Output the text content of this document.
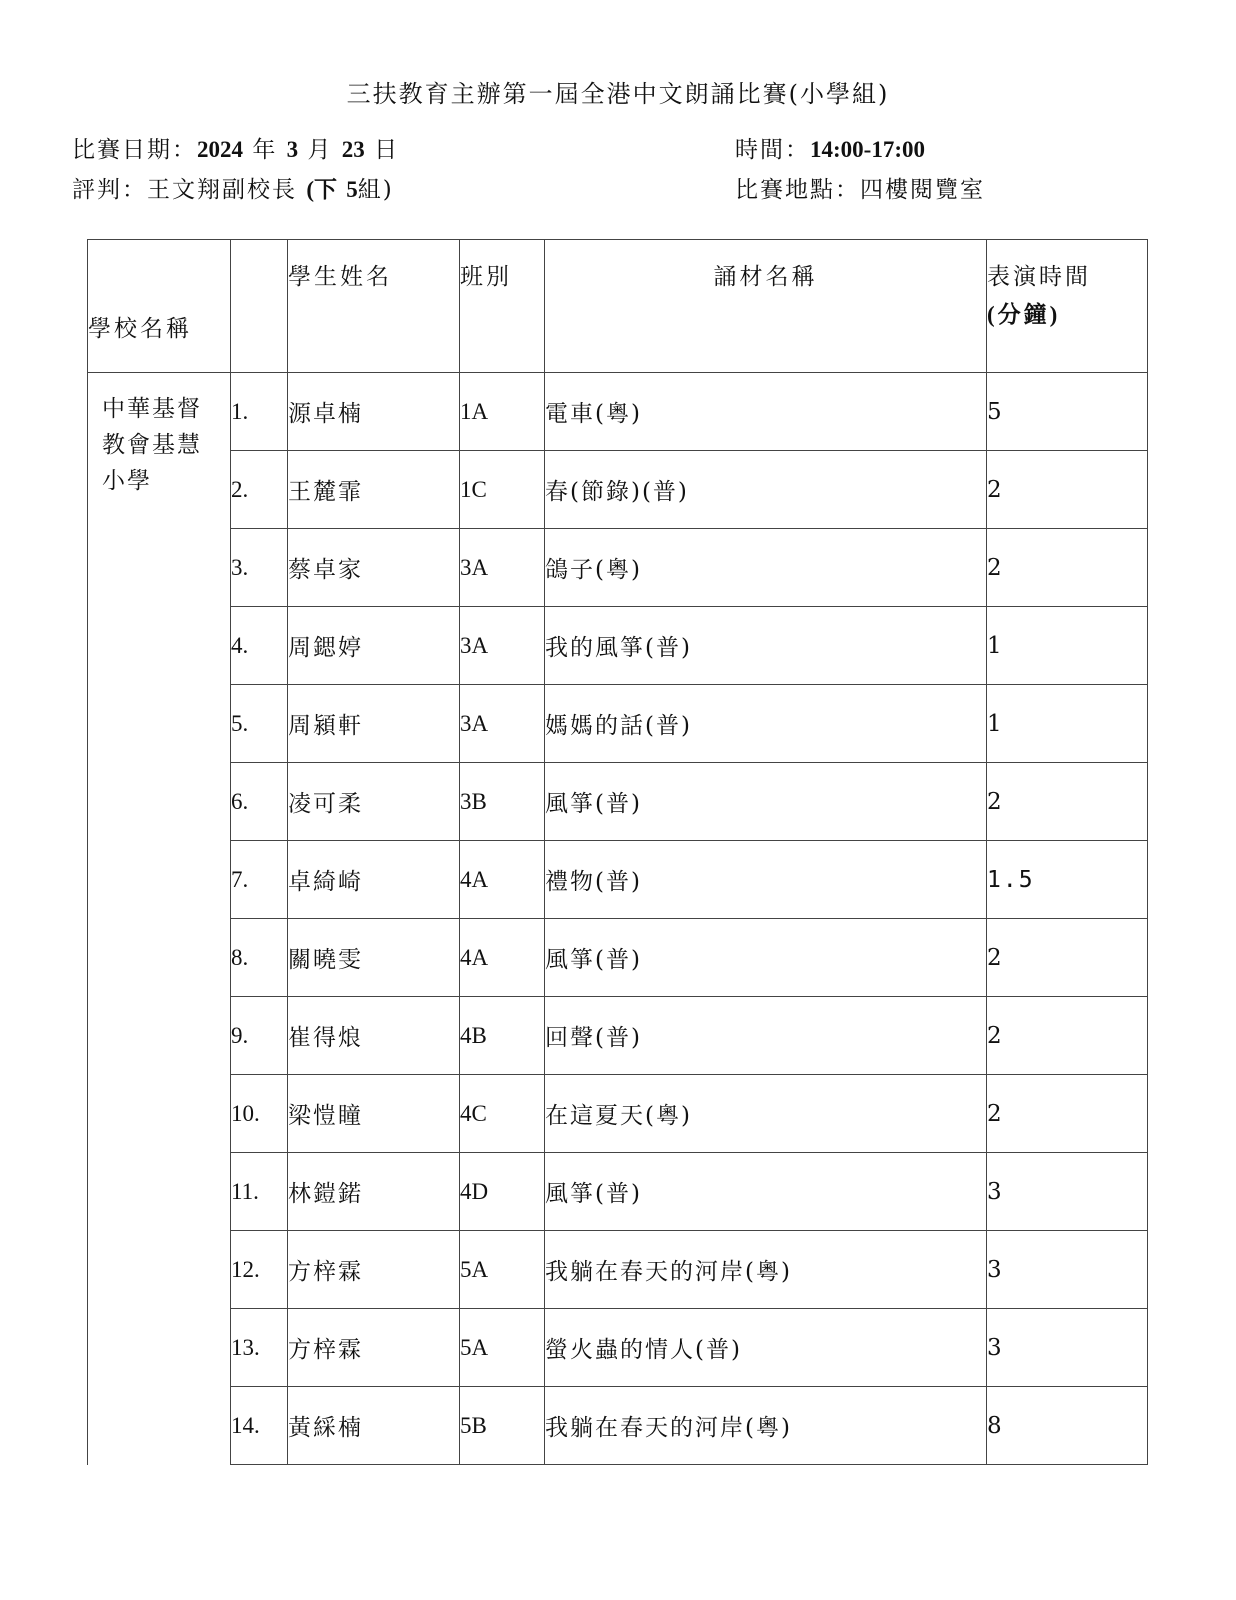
三扶教育主辦第一屆全港中文朗誦比賽(小學組)
比賽日期：2024 年 3 月 23 日
評判：王文翔副校長 (下 5組)
時間：14:00-17:00
比賽地點：四樓閱覽室
學校名稱		學生姓名	班別	誦材名稱	表演時間
(分鐘)
中華基督
教會基慧
小學	1.	源卓楠	1A	電車(粵)	5
	2.	王麓霏	1C	春(節錄)(普)	2
	3.	蔡卓家	3A	鴿子(粵)	2
	4.	周鍶婷	3A	我的風箏(普)	1
	5.	周潁軒	3A	媽媽的話(普)	1
	6.	凌可柔	3B	風箏(普)	2
	7.	卓綺崎	4A	禮物(普)	1.5
	8.	關曉雯	4A	風箏(普)	2
	9.	崔得烺	4B	回聲(普)	2
	10.	梁愷瞳	4C	在這夏天(粵)	2
	11.	林鎧鍩	4D	風箏(普)	3
	12.	方梓霖	5A	我躺在春天的河岸(粵)	3
	13.	方梓霖	5A	螢火蟲的情人(普)	3
	14.	黃綵楠	5B	我躺在春天的河岸(粵)	8
